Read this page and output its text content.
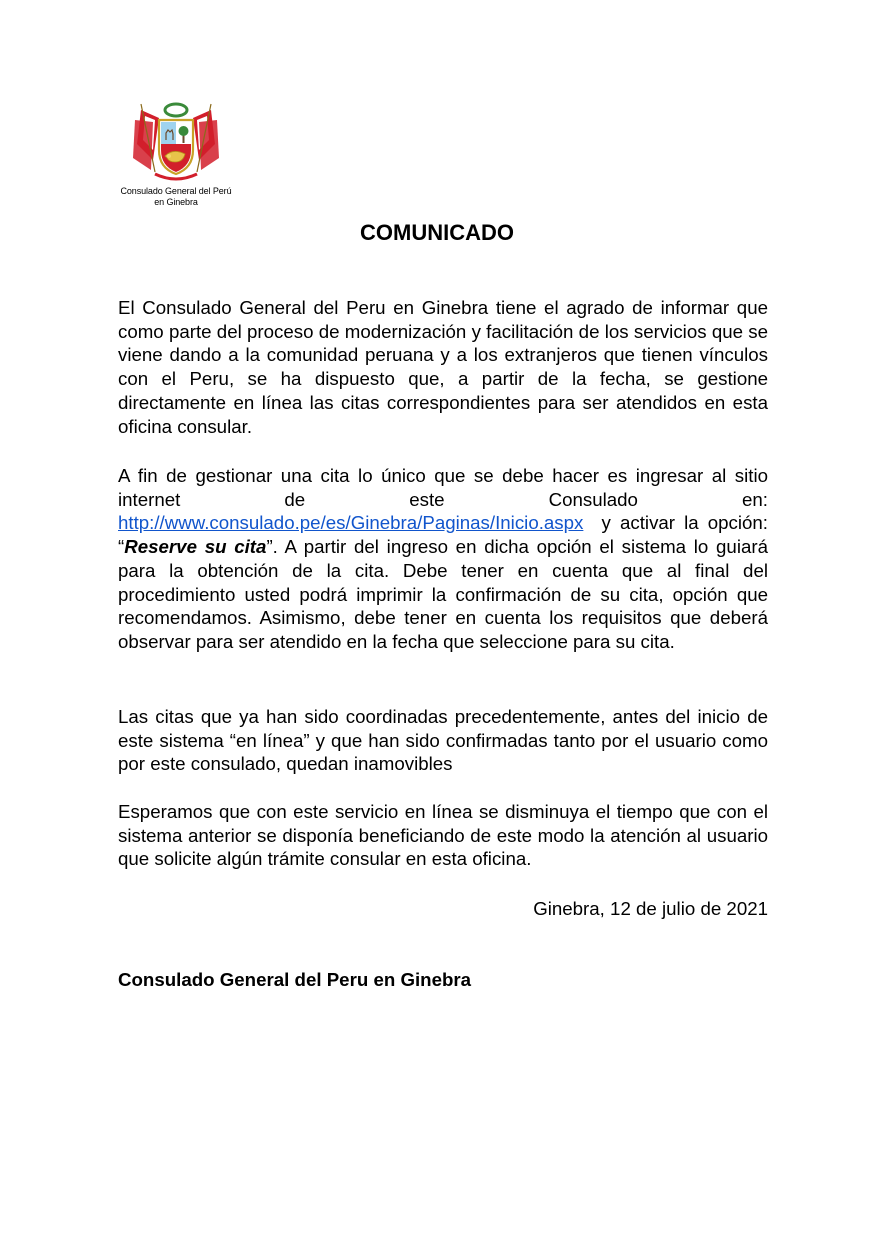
Consulado General del Perú
en Ginebra
COMUNICADO

El Consulado General del Peru en Ginebra tiene el agrado de informar que como parte del proceso de modernización y facilitación de los servicios que se viene dando a la comunidad peruana y a los extranjeros que tienen vínculos con el Peru, se ha dispuesto que, a partir de la fecha, se gestione directamente en línea las citas correspondientes para ser atendidos en esta oficina consular.

A fin de gestionar una cita lo único que se debe hacer es ingresar al sitio internet de este Consulado en: http://www.consulado.pe/es/Ginebra/Paginas/Inicio.aspx  y activar la opción: “Reserve su cita”. A partir del ingreso en dicha opción el sistema lo guiará para la obtención de la cita. Debe tener en cuenta que al final del procedimiento usted podrá imprimir la confirmación de su cita, opción que recomendamos. Asimismo, debe tener en cuenta los requisitos que deberá observar para ser atendido en la fecha que seleccione para su cita.

Las citas que ya han sido coordinadas precedentemente, antes del inicio de este sistema “en línea” y que han sido confirmadas tanto por el usuario como por este consulado, quedan inamovibles

Esperamos que con este servicio en línea se disminuya el tiempo que con el sistema anterior se disponía beneficiando de este modo la atención al usuario que solicite algún trámite consular en esta oficina.

Ginebra, 12 de julio de 2021
Consulado General del Peru en Ginebra
